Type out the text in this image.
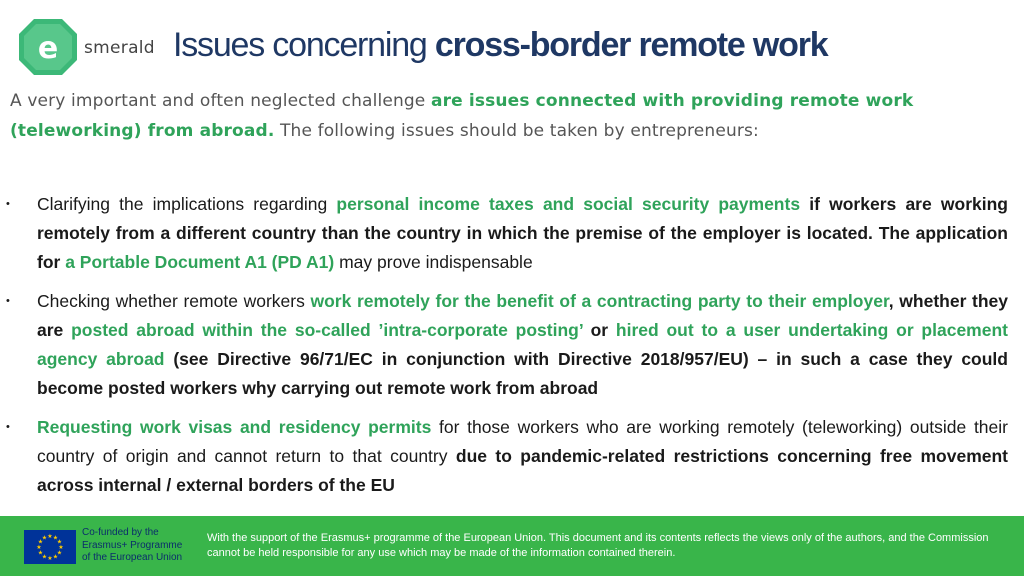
e smerald Issues concerning cross-border remote work
A very important and often neglected challenge are issues connected with providing remote work (teleworking) from abroad. The following issues should be taken by entrepreneurs:
• Clarifying the implications regarding personal income taxes and social security payments if workers are working remotely from a different country than the country in which the premise of the employer is located. The application for a Portable Document A1 (PD A1) may prove indispensable
• Checking whether remote workers work remotely for the benefit of a contracting party to their employer, whether they are posted abroad within the so-called ’intra-corporate posting’ or hired out to a user undertaking or placement agency abroad (see Directive 96/71/EC in conjunction with Directive 2018/957/EU) – in such a case they could become posted workers why carrying out remote work from abroad
• Requesting work visas and residency permits for those workers who are working remotely (teleworking) outside their country of origin and cannot return to that country due to pandemic-related restrictions concerning free movement across internal / external borders of the EU
★ ★
★
★
★
★
★
★
★
★
★
★	Co-funded by the
Erasmus+ Programme
of the European Union
With the support of the Erasmus+ programme of the European Union. This document and its contents reflects the views only of the authors, and the Commission cannot be held responsible for any use which may be made of the information contained therein.
